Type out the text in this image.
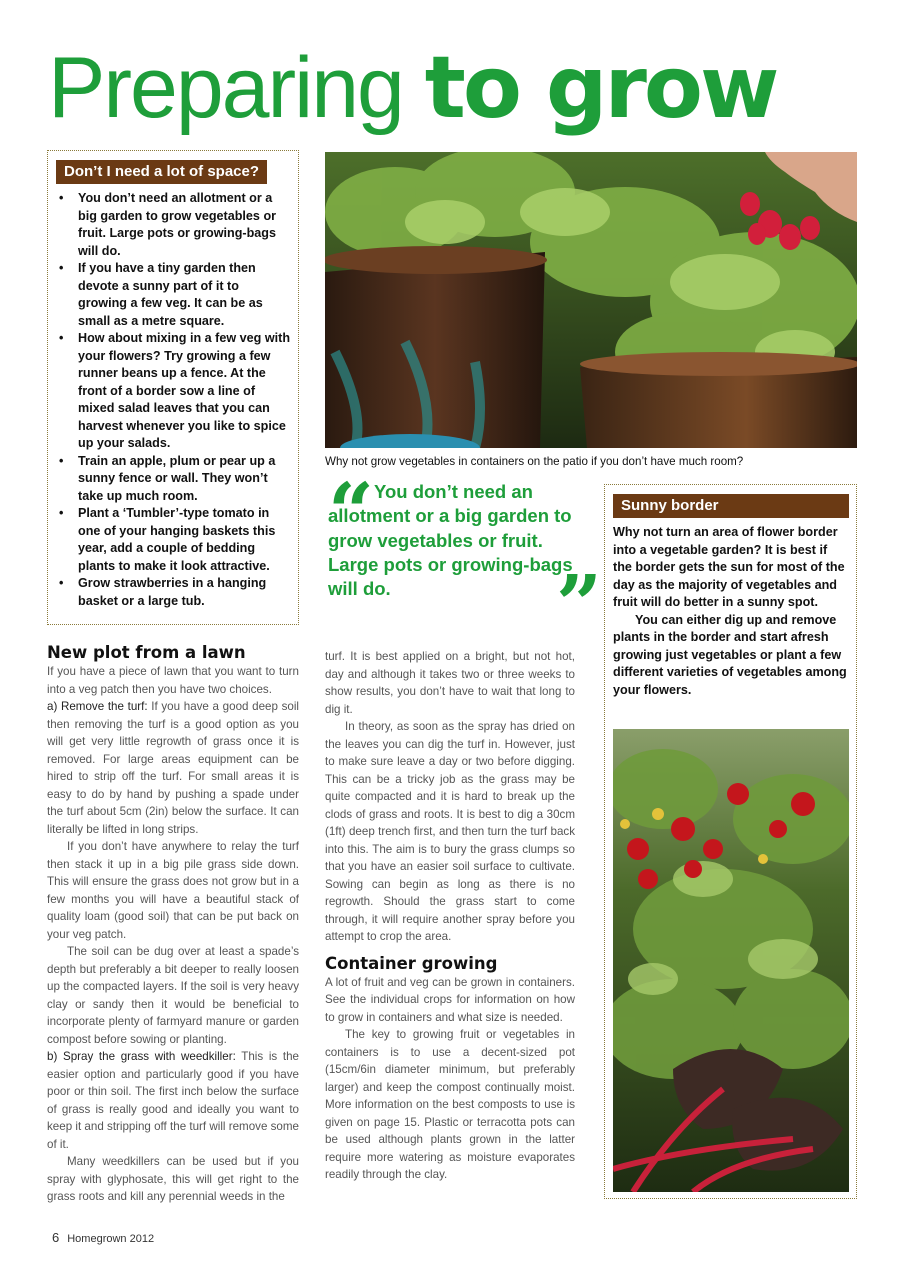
Preparing to grow
Don’t I need a lot of space?
• You don’t need an allotment or a big garden to grow vegetables or fruit. Large pots or growing-bags will do.
• If you have a tiny garden then devote a sunny part of it to growing a few veg. It can be as small as a metre square.
• How about mixing in a few veg with your flowers? Try growing a few runner beans up a fence. At the front of a border sow a line of mixed salad leaves that you can harvest whenever you like to spice up your salads.
• Train an apple, plum or pear up a sunny fence or wall. They won’t take up much room.
• Plant a ‘Tumbler’-type tomato in one of your hanging baskets this year, add a couple of bedding plants to make it look attractive.
• Grow strawberries in a hanging basket or a large tub.
Why not grow vegetables in containers on the patio if you don’t have much room?
“ You don’t need an allotment or a big garden to grow vegetables or fruit. Large pots or growing-bags will do.	”
Sunny border

Why not turn an area of flower border into a vegetable garden? It is best if the border gets the sun for most of the day as the majority of vegetables and fruit will do better in a sunny spot.

You can either dig up and remove plants in the border and start afresh growing just vegetables or plant a few different varieties of vegetables among your flowers.

New plot from a lawn

If you have a piece of lawn that you want to turn into a veg patch then you have two choices.

a) Remove the turf: If you have a good deep soil then removing the turf is a good option as you will get very little regrowth of grass once it is removed. For large areas equipment can be hired to strip off the turf. For small areas it is easy to do by hand by pushing a spade under the turf about 5cm (2in) below the surface. It can literally be lifted in long strips.

If you don’t have anywhere to relay the turf then stack it up in a big pile grass side down. This will ensure the grass does not grow but in a few months you will have a beautiful stack of quality loam (good soil) that can be put back on your veg patch.

The soil can be dug over at least a spade’s depth but preferably a bit deeper to really loosen up the compacted layers. If the soil is very heavy clay or sandy then it would be beneficial to incorporate plenty of farmyard manure or garden compost before sowing or planting.

b) Spray the grass with weedkiller: This is the easier option and particularly good if you have poor or thin soil. The first inch below the surface of grass is really good and ideally you want to keep it and stripping off the turf will remove some of it.

Many weedkillers can be used but if you spray with glyphosate, this will get right to the grass roots and kill any perennial weeds in the

turf. It is best applied on a bright, but not hot, day and although it takes two or three weeks to show results, you don’t have to wait that long to dig it.

In theory, as soon as the spray has dried on the leaves you can dig the turf in. However, just to make sure leave a day or two before digging. This can be a tricky job as the grass may be quite compacted and it is hard to break up the clods of grass and roots. It is best to dig a 30cm (1ft) deep trench first, and then turn the turf back into this. The aim is to bury the grass clumps so that you have an easier soil surface to cultivate. Sowing can begin as long as there is no regrowth. Should the grass start to come through, it will require another spray before you attempt to crop the area.

Container growing

A lot of fruit and veg can be grown in containers. See the individual crops for information on how to grow in containers and what size is needed.

The key to growing fruit or vegetables in containers is to use a decent-sized pot (15cm/6in diameter minimum, but preferably larger) and keep the compost continually moist. More information on the best composts to use is given on page 15. Plastic or terracotta pots can be used although plants grown in the latter require more watering as moisture evaporates readily through the clay.

6 Homegrown 2012
